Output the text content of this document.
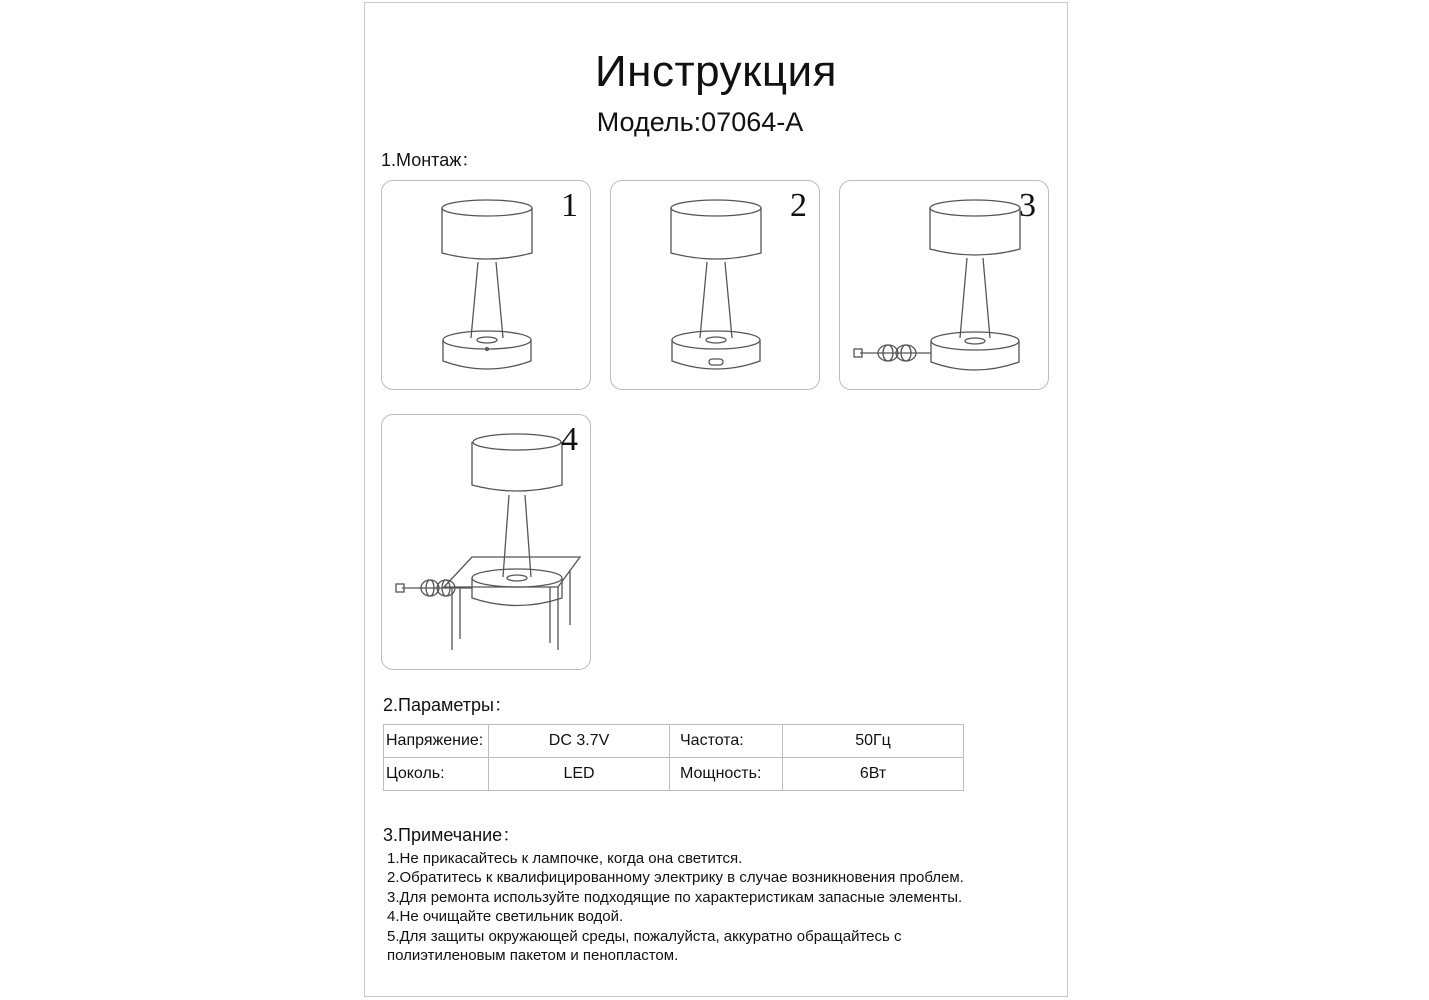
Инструкция
Модель:07064-A
1.Монтаж：
1	2	3
4
2.Параметры：
Напряжение:	DC 3.7V	Частота:	50Гц
Цоколь:	LED	Мощность:	6Вт
3.Примечание：
1.Не прикасайтесь к лампочке, когда она светится.
2.Обратитесь к квалифицированному электрику в случае возникновения проблем.
3.Для ремонта используйте подходящие по характеристикам запасные элементы.
4.Не очищайте светильник водой.
5.Для защиты окружающей среды, пожалуйста, аккуратно обращайтесь с
полиэтиленовым пакетом и пенопластом.
